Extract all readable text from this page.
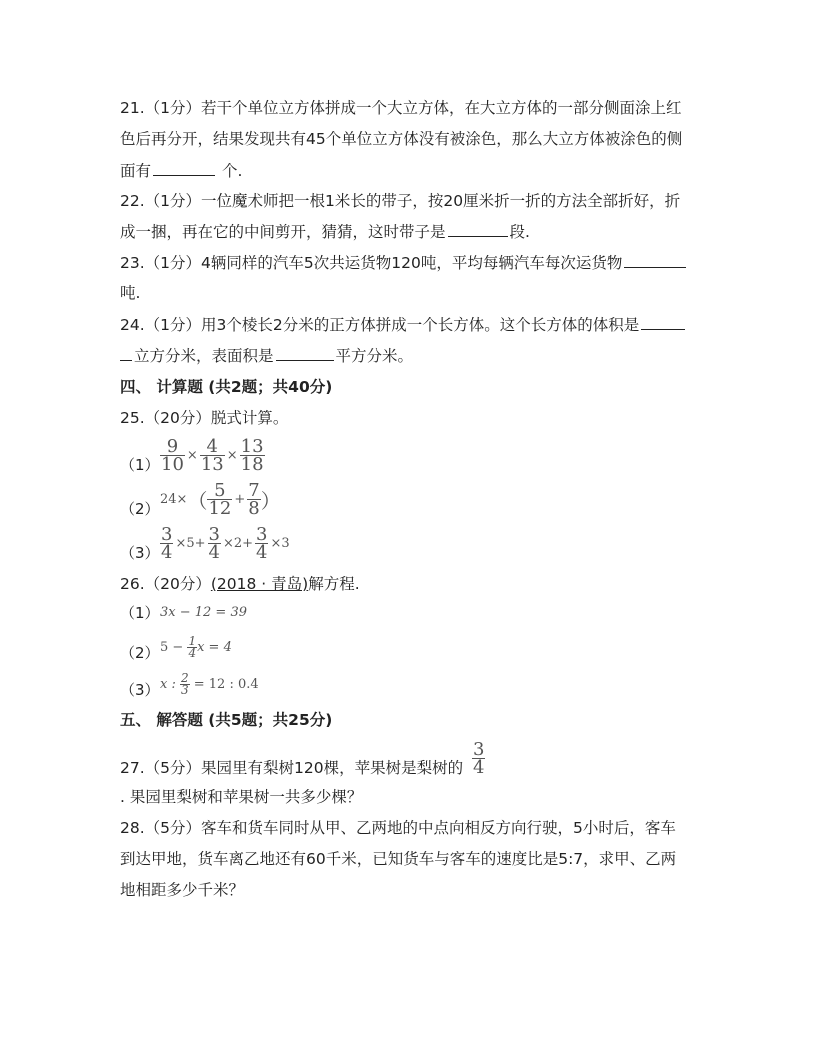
21.（1分）若干个单位立方体拼成一个大立方体，在大立方体的一部分侧面涂上红
色后再分开，结果发现共有45个单位立方体没有被涂色，那么大立方体被涂色的侧
面有	个.
22.（1分）一位魔术师把一根1米长的带子，按20厘米折一折的方法全部折好，折
成一捆，再在它的中间剪开，猜猜，这时带子是	段.
23.（1分）4辆同样的汽车5次共运货物120吨，平均每辆汽车每次运货物
吨.
24.（1分）用3个棱长2分米的正方体拼成一个长方体。这个长方体的体积是
立方分米，表面积是	平方分米。
四、 计算题 (共2题；共40分)
25.（20分）脱式计算。
$(1) \frac{9}{10} \times \frac{4}{13} \times \frac{13}{18}$
（2）
$24\times( \frac{5}{12} + \frac{7}{8}$ ）
$(3) \frac{3}{4} \times 5+ \frac{3}{4} \times 2+ \frac{3}{4} \times 3$
26.（20分）(2018 · 青岛)解方程.
（1） 3x − 12 = 39
（2） $5 - \frac{1}{4}$ x = 4
（3） x : $\frac{2}{3} = 12$ : 0.4
五、 解答题 (共5题；共25分)
27.（5分）果园里有梨树120棵，苹果树是梨树的 $\frac{3}{4}$
. 果园里梨树和苹果树一共多少棵？
28.（5分）客车和货车同时从甲、乙两地的中点向相反方向行驶，5小时后，客车
到达甲地，货车离乙地还有60千米，已知货车与客车的速度比是5:7，求甲、乙两
地相距多少千米？
